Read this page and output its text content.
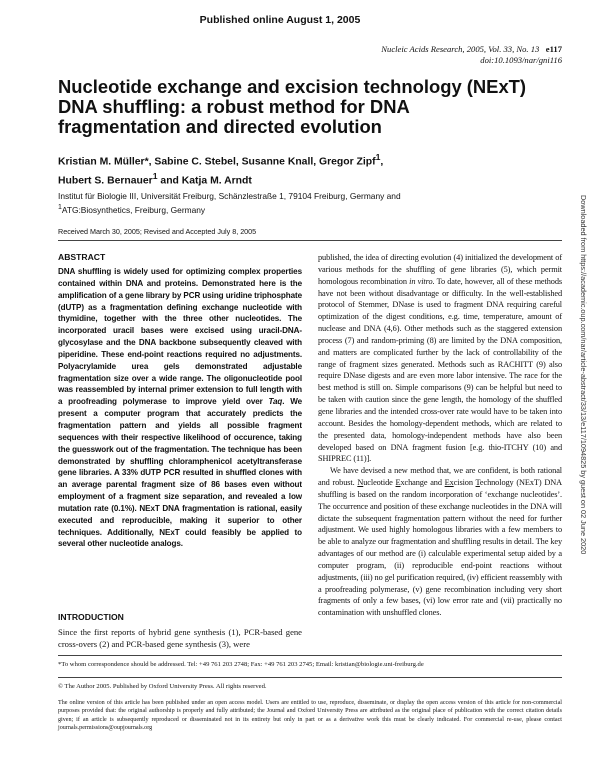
Published online August 1, 2005
Nucleic Acids Research, 2005, Vol. 33, No. 13 e117
doi:10.1093/nar/gni116
Nucleotide exchange and excision technology (NExT) DNA shuffling: a robust method for DNA fragmentation and directed evolution
Kristian M. Müller*, Sabine C. Stebel, Susanne Knall, Gregor Zipf$^1$,
Hubert S. Bernauer$^1$ and Katja M. Arndt
Institut für Biologie III, Universität Freiburg, Schänzlestraße 1, 79104 Freiburg, Germany and
$^1$ATG:Biosynthetics, Freiburg, Germany
Received March 30, 2005; Revised and Accepted July 8, 2005
ABSTRACT
DNA shuffling is widely used for optimizing complex properties contained within DNA and proteins. Demonstrated here is the amplification of a gene library by PCR using uridine triphosphate (dUTP) as a fragmentation defining exchange nucleotide with thymidine, together with the three other nucleotides. The incorporated uracil bases were excised using uracil-DNA-glycosylase and the DNA backbone subsequently cleaved with piperidine. These end-point reactions required no adjustments. Polyacrylamide urea gels demonstrated adjustable fragmentation size over a wide range. The oligonucleotide pool was reassembled by internal primer extension to full length with a proofreading polymerase to improve yield over Taq. We present a computer program that accurately predicts the fragmentation pattern and yields all possible fragment sequences with their respective likelihood of occurence, taking the guesswork out of the fragmentation. The technique has been demonstrated by shuffling chloramphenicol acetyltransferase gene libraries. A 33% dUTP PCR resulted in shuffled clones with an average parental fragment size of 86 bases even without employment of a fragment size separation, and revealed a low mutation rate (0.1%). NExT DNA fragmentation is rational, easily executed and reproducible, making it superior to other techniques. Additionally, NExT could feasibly be applied to several other nucleotide analogs.
INTRODUCTION
Since the first reports of hybrid gene synthesis (1), PCR-based gene cross-overs (2) and PCR-based gene synthesis (3), were

published, the idea of directing evolution (4) initialized the development of various methods for the shuffling of gene libraries (5), which permit homologous recombination in vitro. To date, however, all of these methods have not been without disadvantage or difficulty. In the well-established protocol of Stemmer, DNase is used to fragment DNA requiring careful optimization of the digest conditions, e.g. time, temperature, amount of nuclease and DNA (4,6). Other methods such as the staggered extension process (7) and random-priming (8) are limited by the DNA composition, and matters are complicated further by the lack of controllability of the range of fragment sizes generated. Methods such as RACHITT (9) also require DNase digests and are even more labor intensive. The race for the best method is still on. Simple comparisons (9) can be helpful but need to be taken with caution since the gene length, the homology of the shuffled gene libraries and the intended cross-over rate would have to be taken into account. Besides the homology-dependent methods, which are related to the presented data, homology-independent methods have also been developed based on DNA fragment fusion [e.g. thio-ITCHY (10) and SHIPREC (11)].

We have devised a new method that, we are confident, is both rational and robust. Nucleotide Exchange and Excision Technology (NExT) DNA shuffling is based on the random incorporation of ‘exchange nucleotides’. The occurrence and position of these exchange nucleotides in the DNA will dictate the subsequent fragmentation pattern without the need for further adjustment. We used highly homologous libraries with a few members to be able to analyze our fragmentation and shuffling results in detail. The key advantages of our method are (i) calculable experimental setup aided by a computer program, (ii) reproducible end-point reactions without adjustments, (iii) no gel purification required, (iv) efficient reassembly with a proofreading polymerase, (v) gene recombination including very short fragments of only a few bases, (vi) low error rate and (vii) practically no contamination with unshuffled clones.

*To whom correspondence should be addressed. Tel: +49 761 203 2748; Fax: +49 761 203 2745; Email: kristian@biologie.uni-freiburg.de
© The Author 2005. Published by Oxford University Press. All rights reserved.
The online version of this article has been published under an open access model. Users are entitled to use, reproduce, disseminate, or display the open access version of this article for non-commercial purposes provided that: the original authorship is properly and fully attributed; the Journal and Oxford University Press are attributed as the original place of publication with the correct citation details given; if an article is subsequently reproduced or disseminated not in its entirety but only in part or as a derivative work this must be clearly indicated. For commercial re-use, please contact journals.permissions@oupjournals.org
Downloaded from https://academic.oup.com/nar/article-abstract/33/13/e117/1094825 by guest on 02 June 2020
